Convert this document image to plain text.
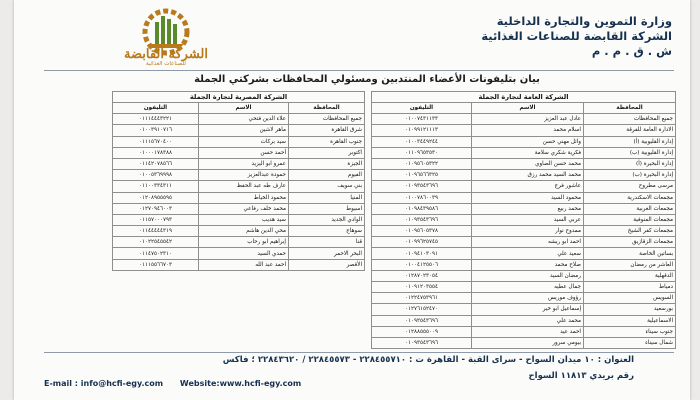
وزارة التموين والتجارة الداخلية
الشركة القابضة للصناعات الغذائية
ش . ق . م . م
الشركة القابضة
للصناعات الغذائية
بيان بتليفونات الأعضاء المنتدبين ومسئولي المحافظات بشركتي الجملة
الشركة العامة لتجارة الجملة		
المحافظة	الاسم	التليفون
جميع المحافظات	عادل عبد العزيز	٠١٠٠٧٤٣١١٣٣
الادارة العامة للفرقة	اسلام محمد	٠١٠٩٩١٢١١١٣
إدارة القليوبية (أ)	وائل مهني حسن	٠١٠٠٣٤٤٩٢٤٤
إدارة القليوبية (ب)	فكرية شكري سلامة	٠١١٠٩٦٥٣٥٣٠
إدارة البحيرة (أ)	محمد حسن الصاوي	٠١٠٩٥٦٠٥٣٢٢
إدارة البحيرة (ب)	محمد السيد محمد رزق	٠١٠٩٦٥٦٦٣٢٥
مرسى مطروح	عاشور فرج	٠١٠٩٣٥٤٣٦٩٦
مجمعات الاسكندرية	محمود السيد	٠١٠٠٧٨٦٠٠٣٩
مجمعات الغربية	محمد ربيع	٠١٠٩٨٤٣٩٥٨٦
مجمعات المنوفية	عربي السيد	٠١٠٩٣٥٤٣٦٩٦
مجمعات كفر الشيخ	ممدوح نوار	٠١٠٩٥٦٠٥٣٧٨
مجمعات الزقازيق	احمد ابو ريشه	٠١٠٩٩٦٢٥٧٤٥
بساتين الخاصة	سعيد علي	٠١٠٩٤١٠٣٠٩١
العاشر من رمضان	صلاح محمد	٠١٠٠٤١٢٥٥٠٦
الدقهلية	رمضان السيد	٠١٢٨٧٠٢٣٠٥٤
دمياط	جمال عطيه	٠١٠٩١٢٠٣٥٥٤
السويس	رؤوف موريس	٠١٢٢٤٧٥٣٩٦١
بورسعيد	إسماعيل ابو خير	٠١٢٧٦١٥٢٤٧٠
الاسماعيلية	محمد علي	٠١٠٩٣٥٤٣٦٩٦
جنوب سيناء	احمد عيد	٠١٢٨٨٥٥٥٠٠٩
شمال سيناء	بيومي سرور	٠١٠٩٣٥٤٣٦٩٦
الشركة المصرية لتجارة الجملة		
المحافظة	الاسم	التليفون
جميع المحافظات	علاء الدين فتحي	٠١١١٤٤٤٣٢٢١
شرق القاهرة	ماهر لاشين	٠١٠٠٣٩١٠٧١٦
جنوب القاهرة	سيد بركات	٠١١١٥٦٧٠٤٠٠
اكتوبر	أحمد حسن	٠١٠٠٠١٧٨٣٨٨
الجيزة	عمرو ابو اليزيد	٠١١٤٢٠٧٨٥٦٦
الفيوم	حمودة عبدالعزيز	٠١٠٠٥٣٦٩٩٩٨
بني سويف	عارف طه عبد الحفظ	٠١١٠٠٣٣٤٣١١
المنيا	محمود الخياط	٠١٢٠٨٩٥٥٥٩٥
اسيوط	محمد خلف رفاعي	٠١٢٧٠٩٤٦٠٠٣
الوادي الجديد	سيد هديب	٠١١٥٧٠٠٠٧٩٣
سوهاج	محي الدين هاشم	٠١١٤٤٤٤٤٣١٩
قنا	إبراهيم ابو رحاب	٠١٠٢٢٥٤٥٥٤٢
البحر الاحمر	حمدي السيد	٠١١٤٧٥٠٢٣١٠
الأقصر	احمد عبد الله	٠١١١٥٥٦٦٧٠٣
العنوان : ١٠ ميدان السواح - سراى القبة - القاهرة ت : ٢٢٨٤٥٥٧١٠ - ٢٢٨٤٥٥٧٣ / ٢٢٨٤٣٦٢٠ ؛ فاكس
رقم بريدي ١١٨١٣ السواح
E-mail : info@hcfi-egy.com Website:www.hcfi-egy.com
